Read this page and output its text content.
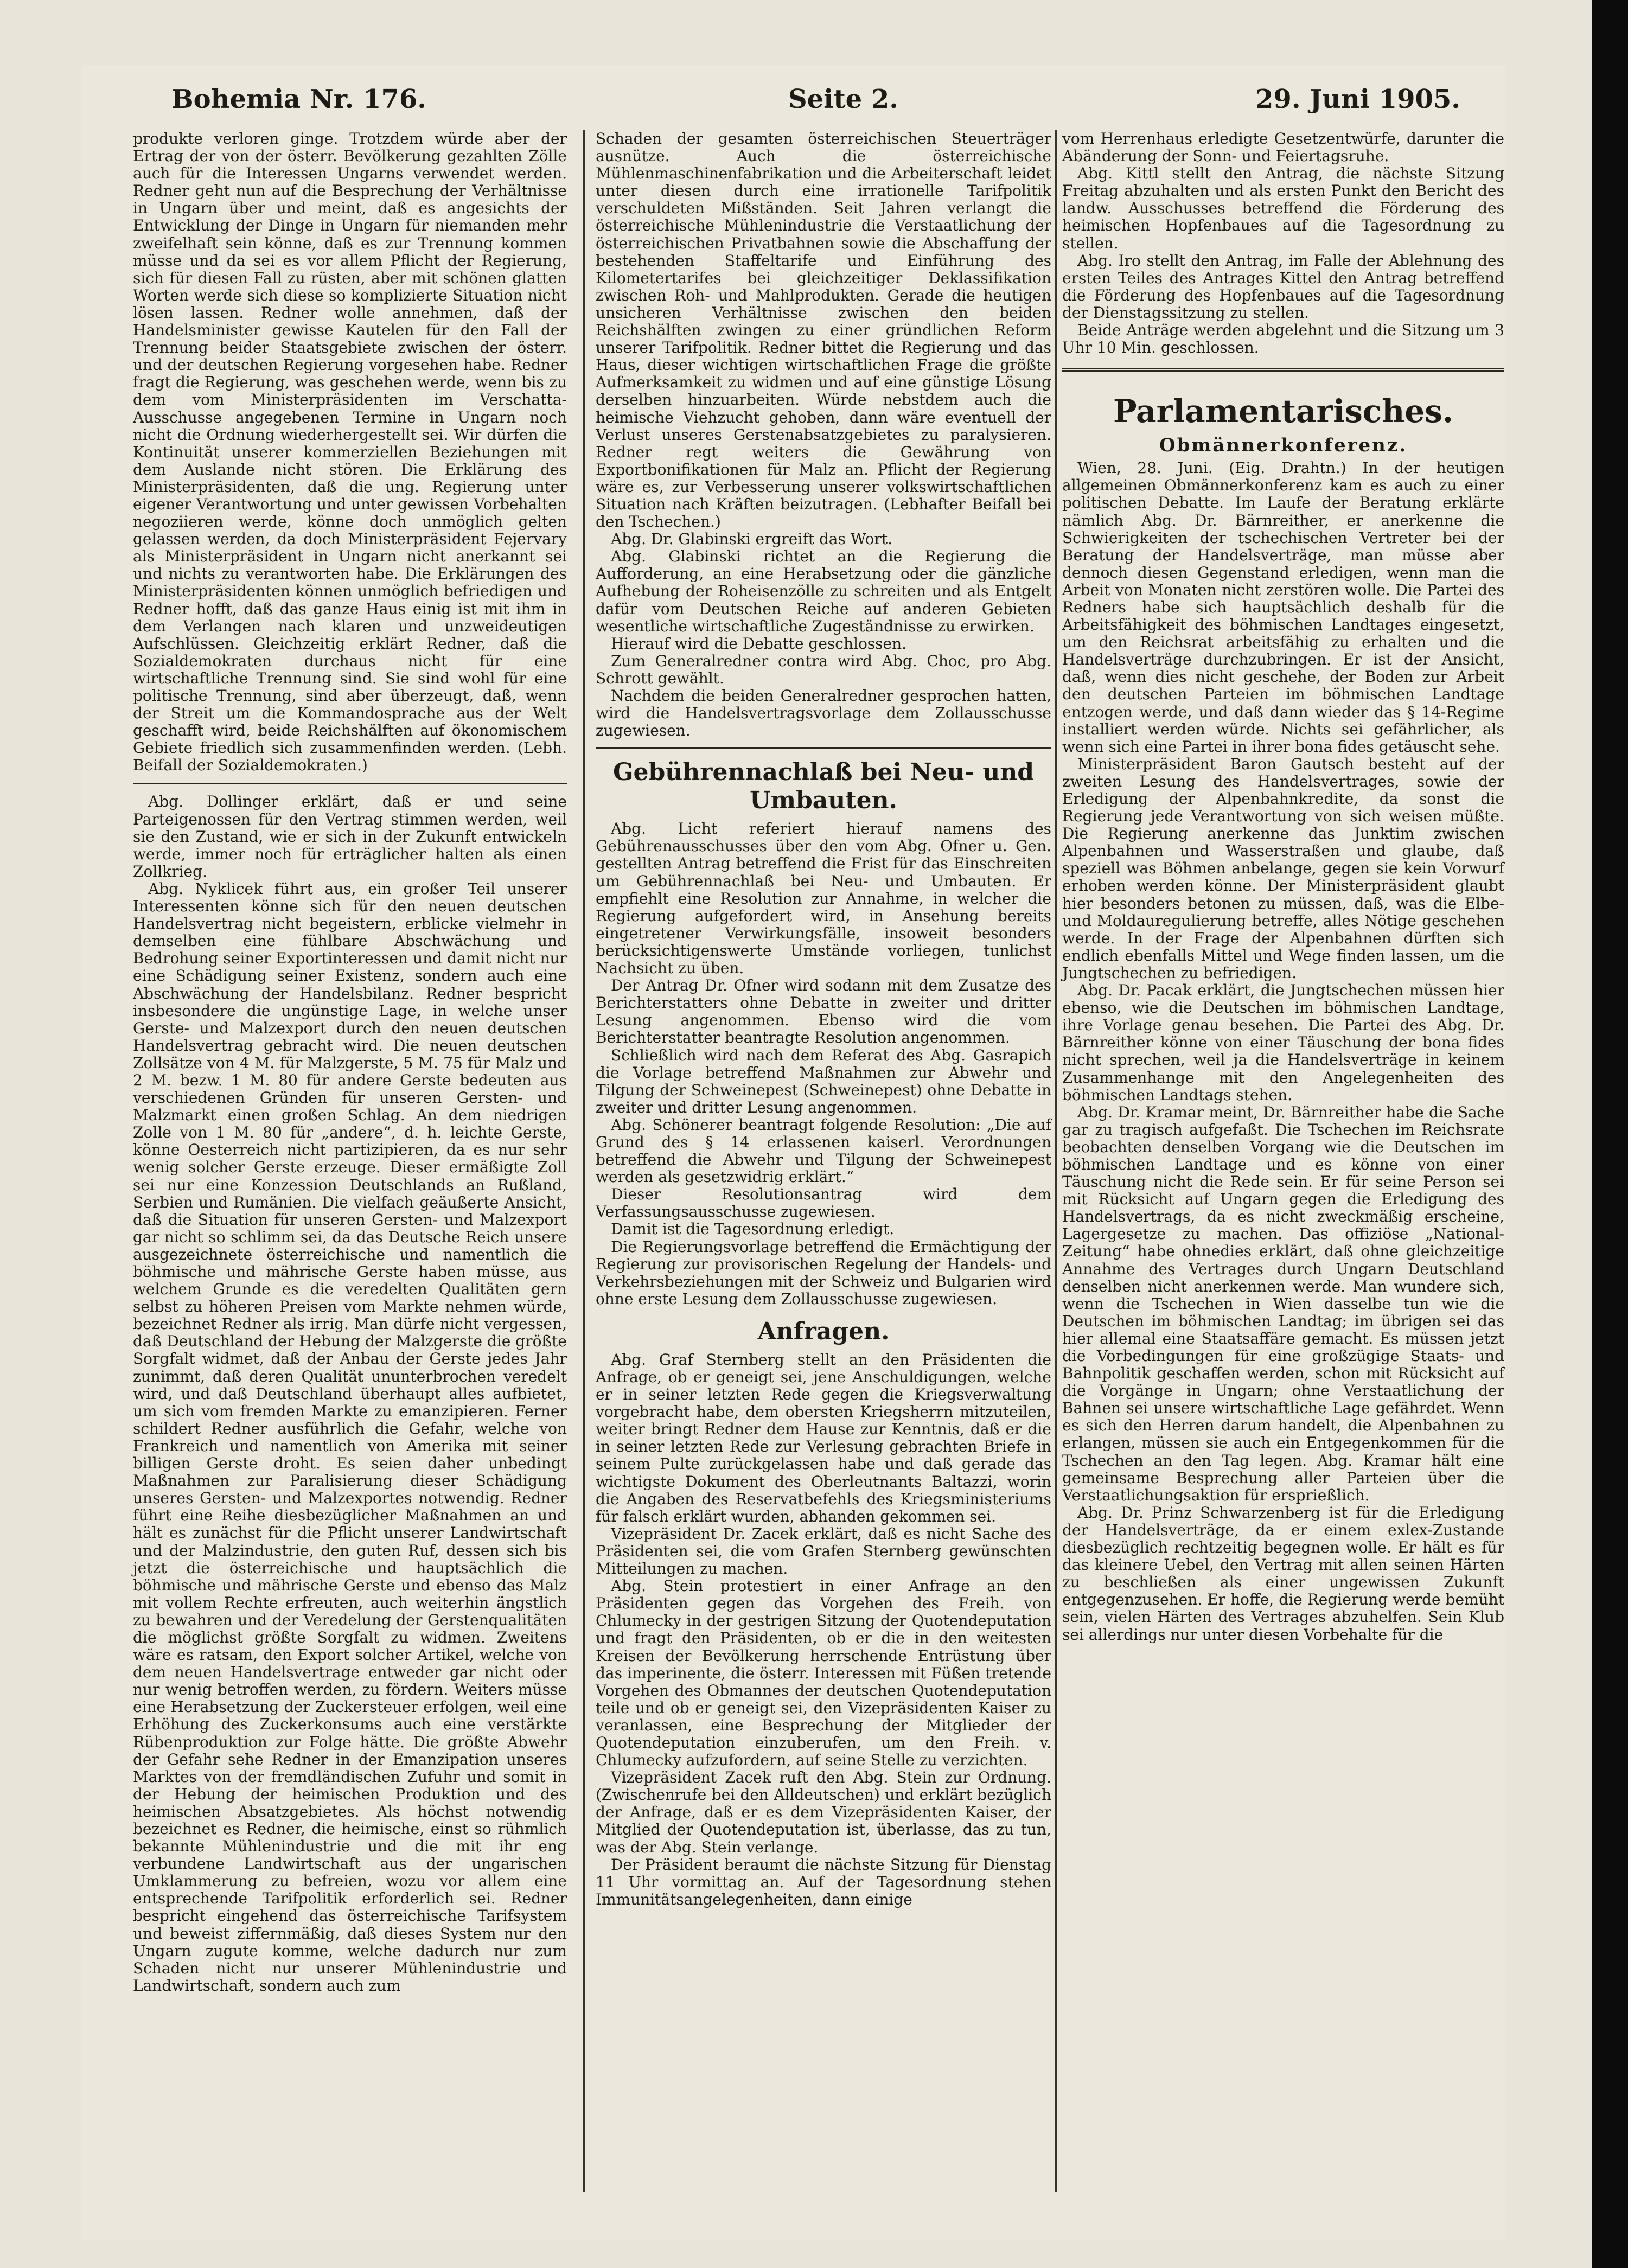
Bohemia Nr. 176.	Seite 2.	29. Juni 1905.

produkte verloren ginge. Trotzdem würde aber der Ertrag der von der österr. Bevölkerung gezahlten Zölle auch für die Interessen Ungarns verwendet werden. Redner geht nun auf die Besprechung der Verhältnisse in Ungarn über und meint, daß es angesichts der Entwicklung der Dinge in Ungarn für niemanden mehr zweifelhaft sein könne, daß es zur Trennung kommen müsse und da sei es vor allem Pflicht der Regierung, sich für diesen Fall zu rüsten, aber mit schönen glatten Worten werde sich diese so komplizierte Situation nicht lösen lassen. Redner wolle annehmen, daß der Handelsminister gewisse Kautelen für den Fall der Trennung beider Staatsgebiete zwischen der österr. und der deutschen Regierung vorgesehen habe. Redner fragt die Regierung, was geschehen werde, wenn bis zu dem vom Ministerpräsidenten im Verschatta-Ausschusse angegebenen Termine in Ungarn noch nicht die Ordnung wiederhergestellt sei. Wir dürfen die Kontinuität unserer kommerziellen Beziehungen mit dem Auslande nicht stören. Die Erklärung des Ministerpräsidenten, daß die ung. Regierung unter eigener Verantwortung und unter gewissen Vorbehalten negoziieren werde, könne doch unmöglich gelten gelassen werden, da doch Ministerpräsident Fejervary als Ministerpräsident in Ungarn nicht anerkannt sei und nichts zu verantworten habe. Die Erklärungen des Ministerpräsidenten können unmöglich befriedigen und Redner hofft, daß das ganze Haus einig ist mit ihm in dem Verlangen nach klaren und unzweideutigen Aufschlüssen. Gleichzeitig erklärt Redner, daß die Sozialdemokraten durchaus nicht für eine wirtschaftliche Trennung sind. Sie sind wohl für eine politische Trennung, sind aber überzeugt, daß, wenn der Streit um die Kommandosprache aus der Welt geschafft wird, beide Reichshälften auf ökonomischem Gebiete friedlich sich zusammenfinden werden. (Lebh. Beifall der Sozialdemokraten.)

Abg. Dollinger erklärt, daß er und seine Parteigenossen für den Vertrag stimmen werden, weil sie den Zustand, wie er sich in der Zukunft entwickeln werde, immer noch für erträglicher halten als einen Zollkrieg.

Abg. Nyklicek führt aus, ein großer Teil unserer Interessenten könne sich für den neuen deutschen Handelsvertrag nicht begeistern, erblicke vielmehr in demselben eine fühlbare Abschwächung und Bedrohung seiner Exportinteressen und damit nicht nur eine Schädigung seiner Existenz, sondern auch eine Abschwächung der Handelsbilanz. Redner bespricht insbesondere die ungünstige Lage, in welche unser Gerste- und Malzexport durch den neuen deutschen Handelsvertrag gebracht wird. Die neuen deutschen Zollsätze von 4 M. für Malzgerste, 5 M. 75 für Malz und 2 M. bezw. 1 M. 80 für andere Gerste bedeuten aus verschiedenen Gründen für unseren Gersten- und Malzmarkt einen großen Schlag. An dem niedrigen Zolle von 1 M. 80 für „andere“, d. h. leichte Gerste, könne Oesterreich nicht partizipieren, da es nur sehr wenig solcher Gerste erzeuge. Dieser ermäßigte Zoll sei nur eine Konzession Deutschlands an Rußland, Serbien und Rumänien. Die vielfach geäußerte Ansicht, daß die Situation für unseren Gersten- und Malzexport gar nicht so schlimm sei, da das Deutsche Reich unsere ausgezeichnete österreichische und namentlich die böhmische und mährische Gerste haben müsse, aus welchem Grunde es die veredelten Qualitäten gern selbst zu höheren Preisen vom Markte nehmen würde, bezeichnet Redner als irrig. Man dürfe nicht vergessen, daß Deutschland der Hebung der Malzgerste die größte Sorgfalt widmet, daß der Anbau der Gerste jedes Jahr zunimmt, daß deren Qualität ununterbrochen veredelt wird, und daß Deutschland überhaupt alles aufbietet, um sich vom fremden Markte zu emanzipieren. Ferner schildert Redner ausführlich die Gefahr, welche von Frankreich und namentlich von Amerika mit seiner billigen Gerste droht. Es seien daher unbedingt Maßnahmen zur Paralisierung dieser Schädigung unseres Gersten- und Malzexportes notwendig. Redner führt eine Reihe diesbezüglicher Maßnahmen an und hält es zunächst für die Pflicht unserer Landwirtschaft und der Malzindustrie, den guten Ruf, dessen sich bis jetzt die österreichische und hauptsächlich die böhmische und mährische Gerste und ebenso das Malz mit vollem Rechte erfreuten, auch weiterhin ängstlich zu bewahren und der Veredelung der Gerstenqualitäten die möglichst größte Sorgfalt zu widmen. Zweitens wäre es ratsam, den Export solcher Artikel, welche von dem neuen Handelsvertrage entweder gar nicht oder nur wenig betroffen werden, zu fördern. Weiters müsse eine Herabsetzung der Zuckersteuer erfolgen, weil eine Erhöhung des Zuckerkonsums auch eine verstärkte Rübenproduktion zur Folge hätte. Die größte Abwehr der Gefahr sehe Redner in der Emanzipation unseres Marktes von der fremdländischen Zufuhr und somit in der Hebung der heimischen Produktion und des heimischen Absatzgebietes. Als höchst notwendig bezeichnet es Redner, die heimische, einst so rühmlich bekannte Mühlenindustrie und die mit ihr eng verbundene Landwirtschaft aus der ungarischen Umklammerung zu befreien, wozu vor allem eine entsprechende Tarifpolitik erforderlich sei. Redner bespricht eingehend das österreichische Tarifsystem und beweist ziffernmäßig, daß dieses System nur den Ungarn zugute komme, welche dadurch nur zum Schaden nicht nur unserer Mühlenindustrie und Landwirtschaft, sondern auch zum

Schaden der gesamten österreichischen Steuerträger ausnütze. Auch die österreichische Mühlenmaschinenfabrikation und die Arbeiterschaft leidet unter diesen durch eine irrationelle Tarifpolitik verschuldeten Mißständen. Seit Jahren verlangt die österreichische Mühlenindustrie die Verstaatlichung der österreichischen Privatbahnen sowie die Abschaffung der bestehenden Staffeltarife und Einführung des Kilometertarifes bei gleichzeitiger Deklassifikation zwischen Roh- und Mahlprodukten. Gerade die heutigen unsicheren Verhältnisse zwischen den beiden Reichshälften zwingen zu einer gründlichen Reform unserer Tarifpolitik. Redner bittet die Regierung und das Haus, dieser wichtigen wirtschaftlichen Frage die größte Aufmerksamkeit zu widmen und auf eine günstige Lösung derselben hinzuarbeiten. Würde nebstdem auch die heimische Viehzucht gehoben, dann wäre eventuell der Verlust unseres Gerstenabsatzgebietes zu paralysieren. Redner regt weiters die Gewährung von Exportbonifikationen für Malz an. Pflicht der Regierung wäre es, zur Verbesserung unserer volkswirtschaftlichen Situation nach Kräften beizutragen. (Lebhafter Beifall bei den Tschechen.)

Abg. Dr. Glabinski ergreift das Wort.

Abg. Glabinski richtet an die Regierung die Aufforderung, an eine Herabsetzung oder die gänzliche Aufhebung der Roheisenzölle zu schreiten und als Entgelt dafür vom Deutschen Reiche auf anderen Gebieten wesentliche wirtschaftliche Zugeständnisse zu erwirken.

Hierauf wird die Debatte geschlossen.

Zum Generalredner contra wird Abg. Choc, pro Abg. Schrott gewählt.

Nachdem die beiden Generalredner gesprochen hatten, wird die Handelsvertragsvorlage dem Zollausschusse zugewiesen.

Gebührennachlaß bei Neu- und Umbauten.

Abg. Licht referiert hierauf namens des Gebührenausschusses über den vom Abg. Ofner u. Gen. gestellten Antrag betreffend die Frist für das Einschreiten um Gebührennachlaß bei Neu- und Umbauten. Er empfiehlt eine Resolution zur Annahme, in welcher die Regierung aufgefordert wird, in Ansehung bereits eingetretener Verwirkungsfälle, insoweit besonders berücksichtigenswerte Umstände vorliegen, tunlichst Nachsicht zu üben.

Der Antrag Dr. Ofner wird sodann mit dem Zusatze des Berichterstatters ohne Debatte in zweiter und dritter Lesung angenommen. Ebenso wird die vom Berichterstatter beantragte Resolution angenommen.

Schließlich wird nach dem Referat des Abg. Gasrapich die Vorlage betreffend Maßnahmen zur Abwehr und Tilgung der Schweinepest (Schweinepest) ohne Debatte in zweiter und dritter Lesung angenommen.

Abg. Schönerer beantragt folgende Resolution: „Die auf Grund des § 14 erlassenen kaiserl. Verordnungen betreffend die Abwehr und Tilgung der Schweinepest werden als gesetzwidrig erklärt.“

Dieser Resolutionsantrag wird dem Verfassungsausschusse zugewiesen.

Damit ist die Tagesordnung erledigt.

Die Regierungsvorlage betreffend die Ermächtigung der Regierung zur provisorischen Regelung der Handels- und Verkehrsbeziehungen mit der Schweiz und Bulgarien wird ohne erste Lesung dem Zollausschusse zugewiesen.

Anfragen.

Abg. Graf Sternberg stellt an den Präsidenten die Anfrage, ob er geneigt sei, jene Anschuldigungen, welche er in seiner letzten Rede gegen die Kriegsverwaltung vorgebracht habe, dem obersten Kriegsherrn mitzuteilen, weiter bringt Redner dem Hause zur Kenntnis, daß er die in seiner letzten Rede zur Verlesung gebrachten Briefe in seinem Pulte zurückgelassen habe und daß gerade das wichtigste Dokument des Oberleutnants Baltazzi, worin die Angaben des Reservatbefehls des Kriegsministeriums für falsch erklärt wurden, abhanden gekommen sei.

Vizepräsident Dr. Zacek erklärt, daß es nicht Sache des Präsidenten sei, die vom Grafen Sternberg gewünschten Mitteilungen zu machen.

Abg. Stein protestiert in einer Anfrage an den Präsidenten gegen das Vorgehen des Freih. von Chlumecky in der gestrigen Sitzung der Quotendeputation und fragt den Präsidenten, ob er die in den weitesten Kreisen der Bevölkerung herrschende Entrüstung über das imperinente, die österr. Interessen mit Füßen tretende Vorgehen des Obmannes der deutschen Quotendeputation teile und ob er geneigt sei, den Vizepräsidenten Kaiser zu veranlassen, eine Besprechung der Mitglieder der Quotendeputation einzuberufen, um den Freih. v. Chlumecky aufzufordern, auf seine Stelle zu verzichten.

Vizepräsident Zacek ruft den Abg. Stein zur Ordnung. (Zwischenrufe bei den Alldeutschen) und erklärt bezüglich der Anfrage, daß er es dem Vizepräsidenten Kaiser, der Mitglied der Quotendeputation ist, überlasse, das zu tun, was der Abg. Stein verlange.

Der Präsident beraumt die nächste Sitzung für Dienstag 11 Uhr vormittag an. Auf der Tagesordnung stehen Immunitätsangelegenheiten, dann einige

vom Herrenhaus erledigte Gesetzentwürfe, darunter die Abänderung der Sonn- und Feiertagsruhe.

Abg. Kittl stellt den Antrag, die nächste Sitzung Freitag abzuhalten und als ersten Punkt den Bericht des landw. Ausschusses betreffend die Förderung des heimischen Hopfenbaues auf die Tagesordnung zu stellen.

Abg. Iro stellt den Antrag, im Falle der Ablehnung des ersten Teiles des Antrages Kittel den Antrag betreffend die Förderung des Hopfenbaues auf die Tagesordnung der Dienstagssitzung zu stellen.

Beide Anträge werden abgelehnt und die Sitzung um 3 Uhr 10 Min. geschlossen.

Parlamentarisches.
Obmännerkonferenz.

Wien, 28. Juni. (Eig. Drahtn.) In der heutigen allgemeinen Obmännerkonferenz kam es auch zu einer politischen Debatte. Im Laufe der Beratung erklärte nämlich Abg. Dr. Bärnreither, er anerkenne die Schwierigkeiten der tschechischen Vertreter bei der Beratung der Handelsverträge, man müsse aber dennoch diesen Gegenstand erledigen, wenn man die Arbeit von Monaten nicht zerstören wolle. Die Partei des Redners habe sich hauptsächlich deshalb für die Arbeitsfähigkeit des böhmischen Landtages eingesetzt, um den Reichsrat arbeitsfähig zu erhalten und die Handelsverträge durchzubringen. Er ist der Ansicht, daß, wenn dies nicht geschehe, der Boden zur Arbeit den deutschen Parteien im böhmischen Landtage entzogen werde, und daß dann wieder das § 14-Regime installiert werden würde. Nichts sei gefährlicher, als wenn sich eine Partei in ihrer bona fides getäuscht sehe.

Ministerpräsident Baron Gautsch besteht auf der zweiten Lesung des Handelsvertrages, sowie der Erledigung der Alpenbahnkredite, da sonst die Regierung jede Verantwortung von sich weisen müßte. Die Regierung anerkenne das Junktim zwischen Alpenbahnen und Wasserstraßen und glaube, daß speziell was Böhmen anbelange, gegen sie kein Vorwurf erhoben werden könne. Der Ministerpräsident glaubt hier besonders betonen zu müssen, daß, was die Elbe- und Moldauregulierung betreffe, alles Nötige geschehen werde. In der Frage der Alpenbahnen dürften sich endlich ebenfalls Mittel und Wege finden lassen, um die Jungtschechen zu befriedigen.

Abg. Dr. Pacak erklärt, die Jungtschechen müssen hier ebenso, wie die Deutschen im böhmischen Landtage, ihre Vorlage genau besehen. Die Partei des Abg. Dr. Bärnreither könne von einer Täuschung der bona fides nicht sprechen, weil ja die Handelsverträge in keinem Zusammenhange mit den Angelegenheiten des böhmischen Landtags stehen.

Abg. Dr. Kramar meint, Dr. Bärnreither habe die Sache gar zu tragisch aufgefaßt. Die Tschechen im Reichsrate beobachten denselben Vorgang wie die Deutschen im böhmischen Landtage und es könne von einer Täuschung nicht die Rede sein. Er für seine Person sei mit Rücksicht auf Ungarn gegen die Erledigung des Handelsvertrags, da es nicht zweckmäßig erscheine, Lagergesetze zu machen. Das offiziöse „National-Zeitung“ habe ohnedies erklärt, daß ohne gleichzeitige Annahme des Vertrages durch Ungarn Deutschland denselben nicht anerkennen werde. Man wundere sich, wenn die Tschechen in Wien dasselbe tun wie die Deutschen im böhmischen Landtag; im übrigen sei das hier allemal eine Staatsaffäre gemacht. Es müssen jetzt die Vorbedingungen für eine großzügige Staats- und Bahnpolitik geschaffen werden, schon mit Rücksicht auf die Vorgänge in Ungarn; ohne Verstaatlichung der Bahnen sei unsere wirtschaftliche Lage gefährdet. Wenn es sich den Herren darum handelt, die Alpenbahnen zu erlangen, müssen sie auch ein Entgegenkommen für die Tschechen an den Tag legen. Abg. Kramar hält eine gemeinsame Besprechung aller Parteien über die Verstaatlichungsaktion für ersprießlich.

Abg. Dr. Prinz Schwarzenberg ist für die Erledigung der Handelsverträge, da er einem exlex-Zustande diesbezüglich rechtzeitig begegnen wolle. Er hält es für das kleinere Uebel, den Vertrag mit allen seinen Härten zu beschließen als einer ungewissen Zukunft entgegenzusehen. Er hoffe, die Regierung werde bemüht sein, vielen Härten des Vertrages abzuhelfen. Sein Klub sei allerdings nur unter diesen Vorbehalte für die
